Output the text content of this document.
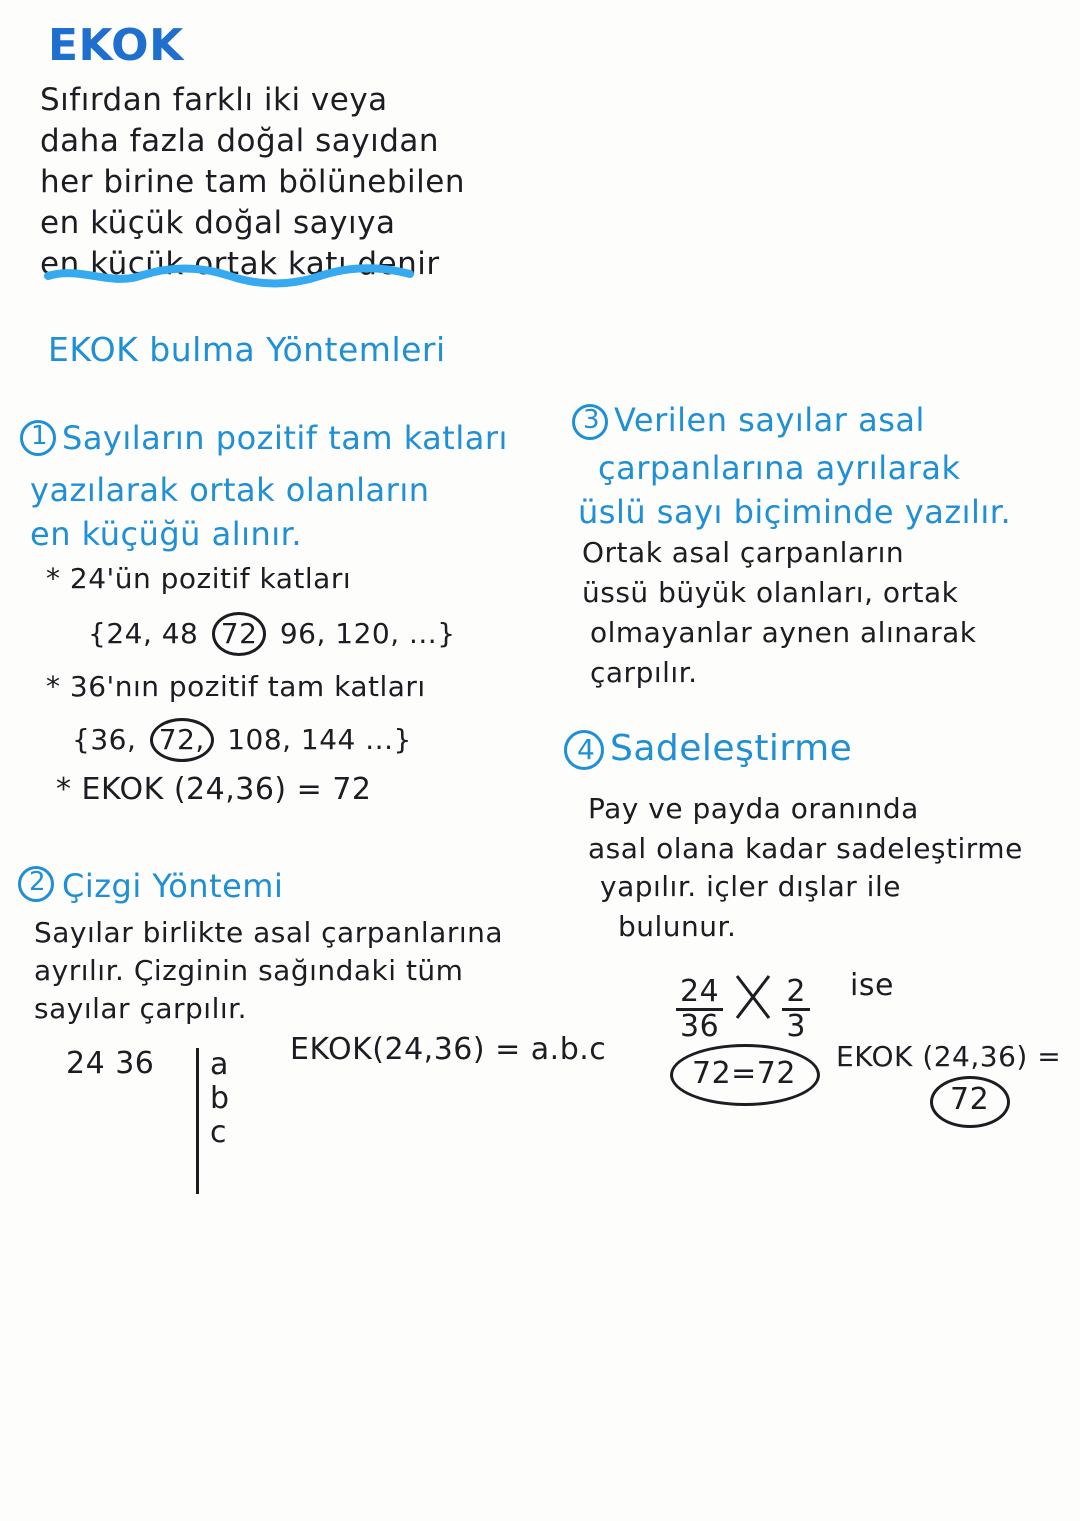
EKOK
Sıfırdan farklı iki veya
daha fazla doğal sayıdan
her birine tam bölünebilen
en küçük doğal sayıya
en küçük ortak katı denir
EKOK bulma Yöntemleri
1 Sayıların pozitif tam katları
yazılarak ortak olanların
en küçüğü alınır.
* 24'ün pozitif katları
{24, 48 72 96, 120, ...}
* 36'nın pozitif tam katları
{36, 72, 108, 144 ...}
* EKOK (24,36) = 72
2 Çizgi Yöntemi
Sayılar birlikte asal çarpanlarına
ayrılır. Çizginin sağındaki tüm
sayılar çarpılır.
24 36 a
b
c
EKOK(24,36) = a.b.c
3 Verilen sayılar asal
çarpanlarına ayrılarak
üslü sayı biçiminde yazılır.
Ortak asal çarpanların
üssü büyük olanları, ortak
olmayanlar aynen alınarak
çarpılır.
4 Sadeleştirme
Pay ve payda oranında
asal olana kadar sadeleştirme
yapılır. içler dışlar ile
bulunur.
$\frac{24}{36}$
$\frac{2}{3}$ ise
72=72 EKOK (24,36) =
72
